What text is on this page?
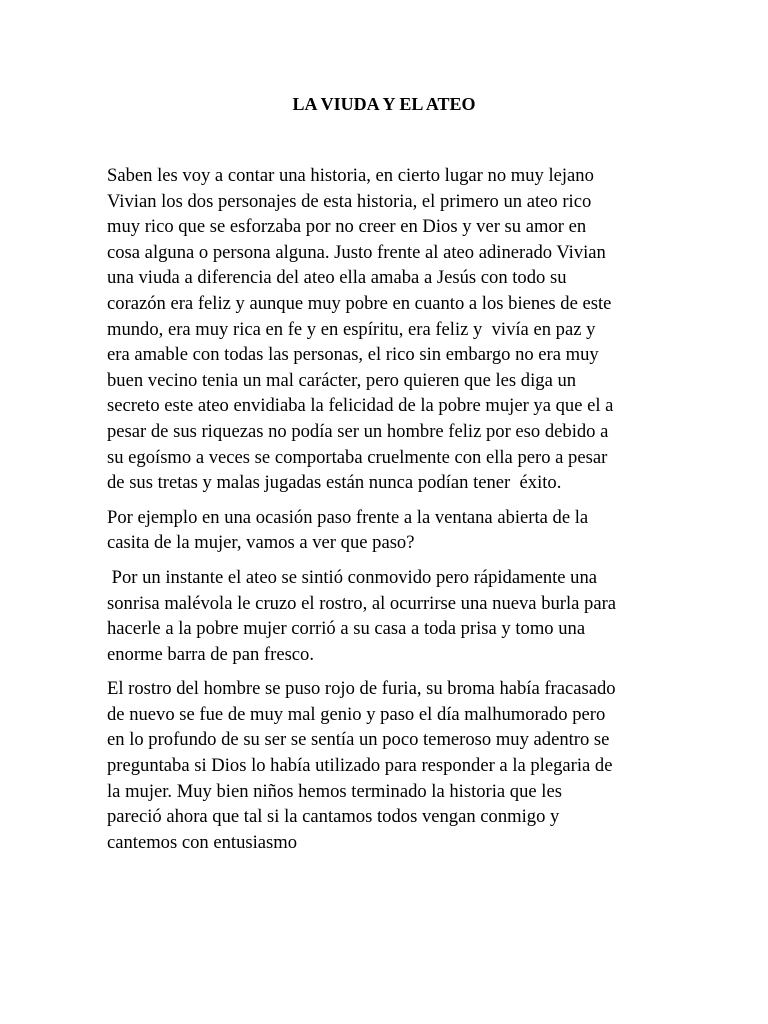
LA VIUDA Y EL ATEO

Saben les voy a contar una historia, en cierto lugar no muy lejano
Vivian los dos personajes de esta historia, el primero un ateo rico
muy rico que se esforzaba por no creer en Dios y ver su amor en
cosa alguna o persona alguna. Justo frente al ateo adinerado Vivian
una viuda a diferencia del ateo ella amaba a Jesús con todo su
corazón era feliz y aunque muy pobre en cuanto a los bienes de este
mundo, era muy rica en fe y en espíritu, era feliz y  vivía en paz y
era amable con todas las personas, el rico sin embargo no era muy
buen vecino tenia un mal carácter, pero quieren que les diga un
secreto este ateo envidiaba la felicidad de la pobre mujer ya que el a
pesar de sus riquezas no podía ser un hombre feliz por eso debido a
su egoísmo a veces se comportaba cruelmente con ella pero a pesar
de sus tretas y malas jugadas están nunca podían tener  éxito.

Por ejemplo en una ocasión paso frente a la ventana abierta de la
casita de la mujer, vamos a ver que paso?

Por un instante el ateo se sintió conmovido pero rápidamente una
sonrisa malévola le cruzo el rostro, al ocurrirse una nueva burla para
hacerle a la pobre mujer corrió a su casa a toda prisa y tomo una
enorme barra de pan fresco.

El rostro del hombre se puso rojo de furia, su broma había fracasado
de nuevo se fue de muy mal genio y paso el día malhumorado pero
en lo profundo de su ser se sentía un poco temeroso muy adentro se
preguntaba si Dios lo había utilizado para responder a la plegaria de
la mujer. Muy bien niños hemos terminado la historia que les
pareció ahora que tal si la cantamos todos vengan conmigo y
cantemos con entusiasmo
